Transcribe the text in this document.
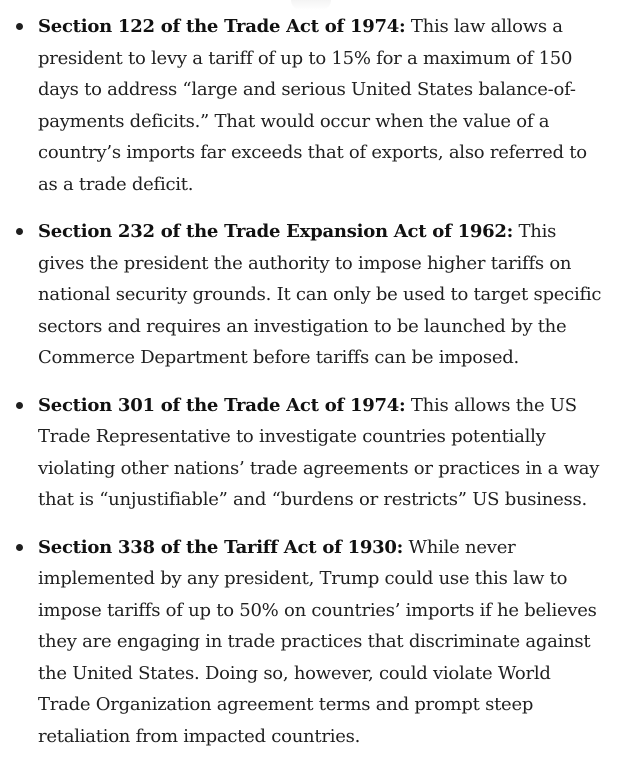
Section 122 of the Trade Act of 1974: This law allows a president to levy a tariff of up to 15% for a maximum of 150 days to address “large and serious United States balance-of-payments deficits.” That would occur when the value of a country’s imports far exceeds that of exports, also referred to as a trade deficit.
Section 232 of the Trade Expansion Act of 1962: This gives the president the authority to impose higher tariffs on national security grounds. It can only be used to target specific sectors and requires an investigation to be launched by the Commerce Department before tariffs can be imposed.
Section 301 of the Trade Act of 1974: This allows the US Trade Representative to investigate countries potentially violating other nations’ trade agreements or practices in a way that is “unjustifiable” and “burdens or restricts” US business.
Section 338 of the Tariff Act of 1930: While never implemented by any president, Trump could use this law to impose tariffs of up to 50% on countries’ imports if he believes they are engaging in trade practices that discriminate against the United States. Doing so, however, could violate World Trade Organization agreement terms and prompt steep retaliation from impacted countries.
